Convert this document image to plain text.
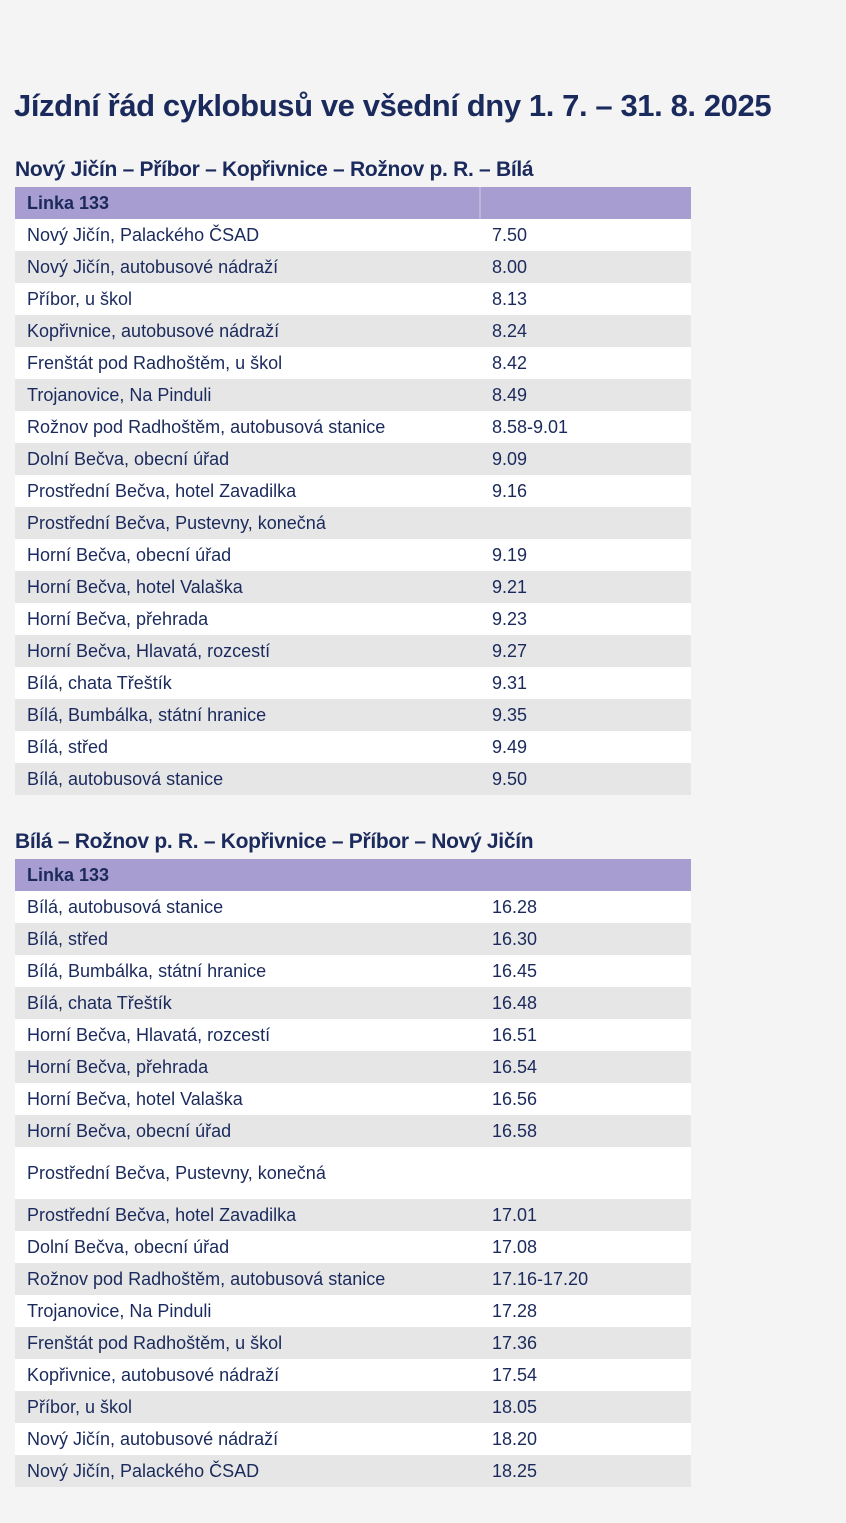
Jízdní řád cyklobusů ve všední dny 1. 7. – 31. 8. 2025
Nový Jičín – Příbor – Kopřivnice – Rožnov p. R. – Bílá
Linka 133	
Nový Jičín, Palackého ČSAD	7.50
Nový Jičín, autobusové nádraží	8.00
Příbor, u škol	8.13
Kopřivnice, autobusové nádraží	8.24
Frenštát pod Radhoštěm, u škol	8.42
Trojanovice, Na Pinduli	8.49
Rožnov pod Radhoštěm, autobusová stanice	8.58-9.01
Dolní Bečva, obecní úřad	9.09
Prostřední Bečva, hotel Zavadilka	9.16
Prostřední Bečva, Pustevny, konečná	
Horní Bečva, obecní úřad	9.19
Horní Bečva, hotel Valaška	9.21
Horní Bečva, přehrada	9.23
Horní Bečva, Hlavatá, rozcestí	9.27
Bílá, chata Třeštík	9.31
Bílá, Bumbálka, státní hranice	9.35
Bílá, střed	9.49
Bílá, autobusová stanice	9.50
Bílá – Rožnov p. R. – Kopřivnice – Příbor – Nový Jičín
Linka 133	
Bílá, autobusová stanice	16.28
Bílá, střed	16.30
Bílá, Bumbálka, státní hranice	16.45
Bílá, chata Třeštík	16.48
Horní Bečva, Hlavatá, rozcestí	16.51
Horní Bečva, přehrada	16.54
Horní Bečva, hotel Valaška	16.56
Horní Bečva, obecní úřad	16.58
Prostřední Bečva, Pustevny, konečná	
Prostřední Bečva, hotel Zavadilka	17.01
Dolní Bečva, obecní úřad	17.08
Rožnov pod Radhoštěm, autobusová stanice	17.16-17.20
Trojanovice, Na Pinduli	17.28
Frenštát pod Radhoštěm, u škol	17.36
Kopřivnice, autobusové nádraží	17.54
Příbor, u škol	18.05
Nový Jičín, autobusové nádraží	18.20
Nový Jičín, Palackého ČSAD	18.25
